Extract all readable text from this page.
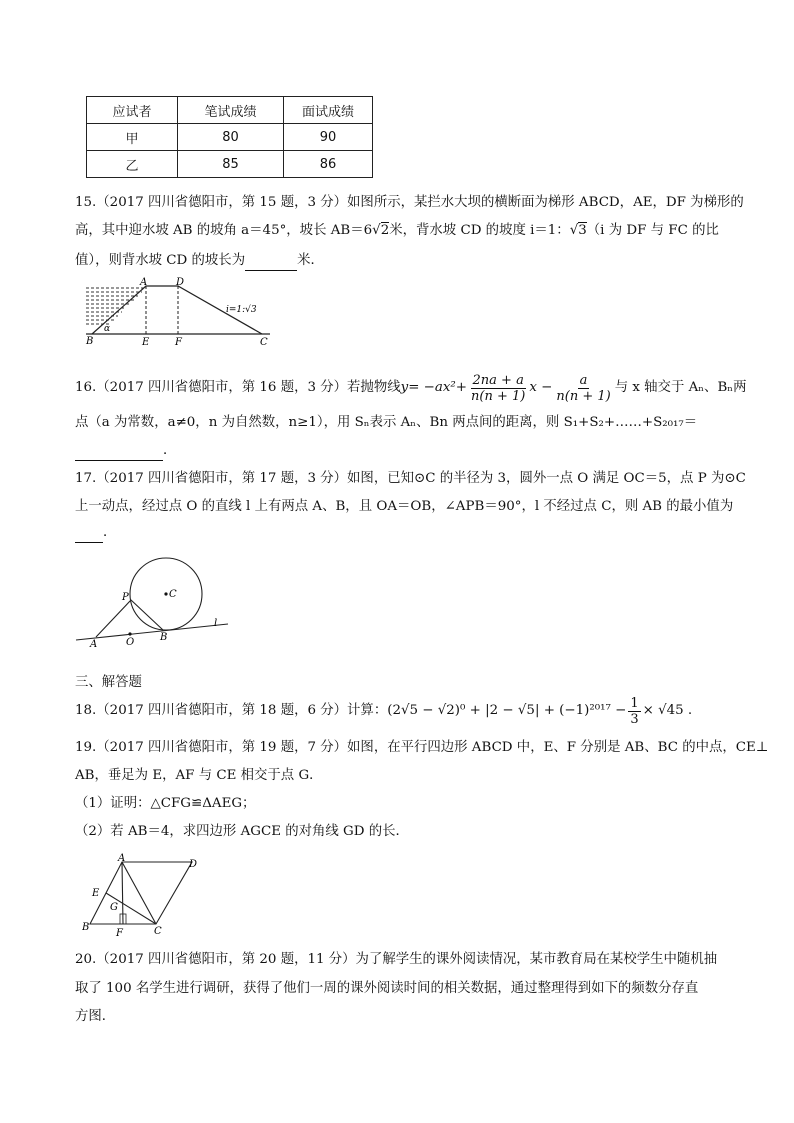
应试者	笔试成绩	面试成绩
甲	80	90
乙	85	86
15.（2017 四川省德阳市，第 15 题，3 分）如图所示，某拦水大坝的横断面为梯形 ABCD，AE，DF 为梯形的
高，其中迎水坡 AB 的坡角 a＝45°，坡长 AB＝6√2米，背水坡 CD 的坡度 i＝1：√3（i 为 DF 与 FC 的比
值），则背水坡 CD 的坡长为	米．
A	D
B	E	F	C
α
i=1:√3
16.（2017 四川省德阳市，第 16 题，3 分）若抛物线 $y = -ax^2+ \frac{2na + a}{n(n + 1)}$ $x - \frac{a}{n(n + 1)}$ 与 x 轴交于 Aₙ、Bₙ两
点（a 为常数，a≠0，n 为自然数，n≥1），用 Sₙ表示 Aₙ、Bn 两点间的距离，则 S₁+S₂+……+S₂₀₁₇＝
．
17.（2017 四川省德阳市，第 17 题，3 分）如图，已知⊙C 的半径为 3，圆外一点 O 满足 OC＝5，点 P 为⊙C
上一动点，经过点 O 的直线 l 上有两点 A、B，且 OA＝OB，∠APB＝90°，l 不经过点 C，则 AB 的最小值为
．
P	C
A	O	B
l
三、解答题
18.（2017 四川省德阳市，第 18 题，6 分）计算： $(2√5 - √2)^0 + |2 - √5| + (-1)^{2017} - \frac{1}{3} \times √45$ .
19.（2017 四川省德阳市，第 19 题，7 分）如图，在平行四边形 ABCD 中，E、F 分别是 AB、BC 的中点，CE⊥
AB，垂足为 E，AF 与 CE 相交于点 G．
（1）证明：△CFG≌ΔAEG；
（2）若 AB＝4，求四边形 AGCE 的对角线 GD 的长．
A
D
E
G
B
F	C
20.（2017 四川省德阳市，第 20 题，11 分）为了解学生的课外阅读情况，某市教育局在某校学生中随机抽
取了 100 名学生进行调研，获得了他们一周的课外阅读时间的相关数据，通过整理得到如下的频数分存直
方图．
